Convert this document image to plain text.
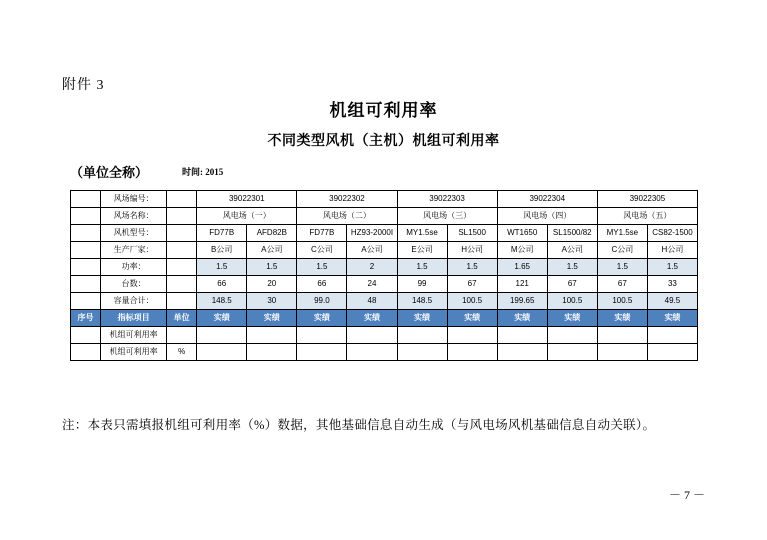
附件 3
机组可利用率
不同类型风机（主机）机组可利用率
（单位全称）	时间: 2015
	风场编号：		39022301		39022302		39022303		39022304		39022305	
	风场名称：		风电场（一）		风电场（二）		风电场（三）		风电场（四）		风电场（五）	
	风机型号：		FD77B	AFD82B	FD77B	HZ93-2000I	MY1.5se	SL1500	WT1650	SL1500/82	MY1.5se	CS82-1500
	生产厂家：		B公司	A公司	C公司	A公司	E公司	H公司	M公司	A公司	C公司	H公司
	功率：		1.5	1.5	1.5	2	1.5	1.5	1.65	1.5	1.5	1.5
	台数：		66	20	66	24	99	67	121	67	67	33
	容量合计：		148.5	30	99.0	48	148.5	100.5	199.65	100.5	100.5	49.5
序号	指标项目	单位	实绩	实绩	实绩	实绩	实绩	实绩	实绩	实绩	实绩	实绩
	机组可利用率											
	机组可利用率	%										
注：本表只需填报机组可利用率（%）数据，其他基础信息自动生成（与风电场风机基础信息自动关联）。
－ 7 －
